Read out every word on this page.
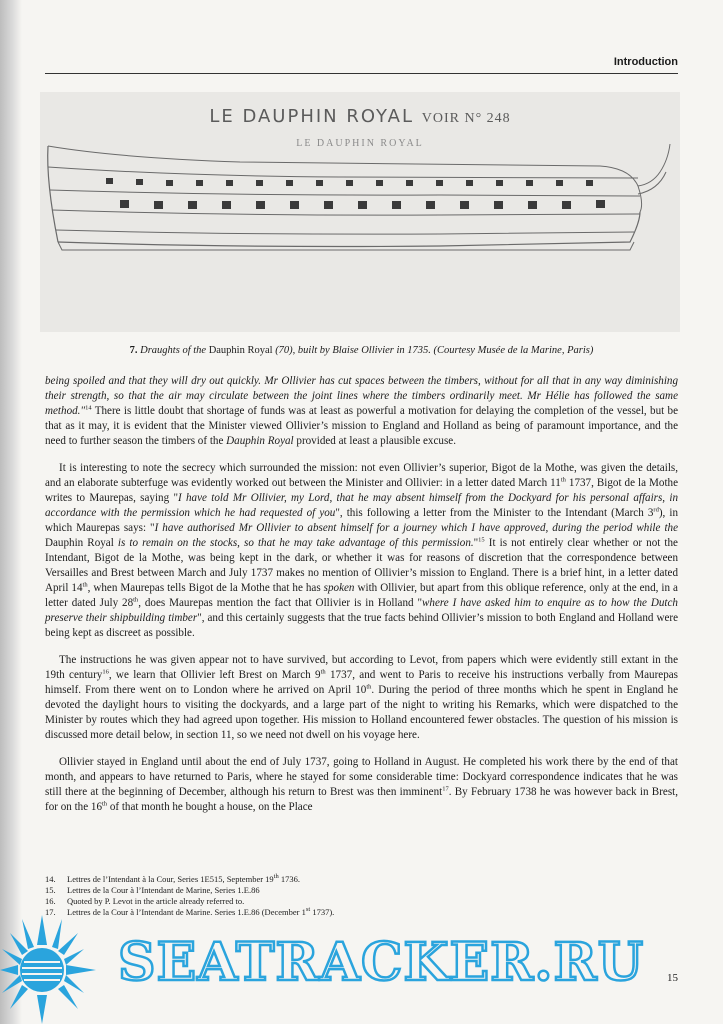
Introduction
LE DAUPHIN ROYAL VOIR N° 248
LE DAUPHIN ROYAL
7. Draughts of the Dauphin Royal (70), built by Blaise Ollivier in 1735. (Courtesy Musée de la Marine, Paris)

being spoiled and that they will dry out quickly. Mr Ollivier has cut spaces between the timbers, without for all that in any way diminishing their strength, so that the air may circulate between the joint lines where the timbers ordinarily meet. Mr Hélie has followed the same method."$^{14}$ There is little doubt that shortage of funds was at least as powerful a motivation for delaying the completion of the vessel, but be that as it may, it is evident that the Minister viewed Ollivier’s mission to England and Holland as being of paramount importance, and the need to further season the timbers of the Dauphin Royal provided at least a plausible excuse.

It is interesting to note the secrecy which surrounded the mission: not even Ollivier’s superior, Bigot de la Mothe, was given the details, and an elaborate subterfuge was evidently worked out between the Minister and Ollivier: in a letter dated March 11th 1737, Bigot de la Mothe writes to Maurepas, saying "I have told Mr Ollivier, my Lord, that he may absent himself from the Dockyard for his personal affairs, in accordance with the permission which he had requested of you", this following a letter from the Minister to the Intendant (March 3rd), in which Maurepas says: "I have authorised Mr Ollivier to absent himself for a journey which I have approved, during the period while the Dauphin Royal is to remain on the stocks, so that he may take advantage of this permission."$^{15}$ It is not entirely clear whether or not the Intendant, Bigot de la Mothe, was being kept in the dark, or whether it was for reasons of discretion that the correspondence between Versailles and Brest between March and July 1737 makes no mention of Ollivier’s mission to England. There is a brief hint, in a letter dated April 14th, when Maurepas tells Bigot de la Mothe that he has spoken with Ollivier, but apart from this oblique reference, only at the end, in a letter dated July 28th, does Maurepas mention the fact that Ollivier is in Holland "where I have asked him to enquire as to how the Dutch preserve their shipbuilding timber", and this certainly suggests that the true facts behind Ollivier’s mission to both England and Holland were being kept as discreet as possible.

The instructions he was given appear not to have survived, but according to Levot, from papers which were evidently still extant in the 19th century$^{16}$, we learn that Ollivier left Brest on March 9th 1737, and went to Paris to receive his instructions verbally from Maurepas himself. From there went on to London where he arrived on April 10th. During the period of three months which he spent in England he devoted the daylight hours to visiting the dockyards, and a large part of the night to writing his Remarks, which were dispatched to the Minister by routes which they had agreed upon together. His mission to Holland encountered fewer obstacles. The question of his mission is discussed more detail below, in section 11, so we need not dwell on his voyage here.

Ollivier stayed in England until about the end of July 1737, going to Holland in August. He completed his work there by the end of that month, and appears to have returned to Paris, where he stayed for some considerable time: Dockyard correspondence indicates that he was still there at the beginning of December, although his return to Brest was then imminent$^{17}$. By February 1738 he was however back in Brest, for on the 16th of that month he bought a house, on the Place

14.	Lettres de l’Intendant à la Cour, Series 1E515, September 19th 1736.
15.	Lettres de la Cour à l’Intendant de Marine, Series 1.E.86
16.	Quoted by P. Levot in the article already referred to.
17.	Lettres de la Cour à l’Intendant de Marine. Series 1.E.86 (December 1st 1737).
SEATRACKER.RU 15
